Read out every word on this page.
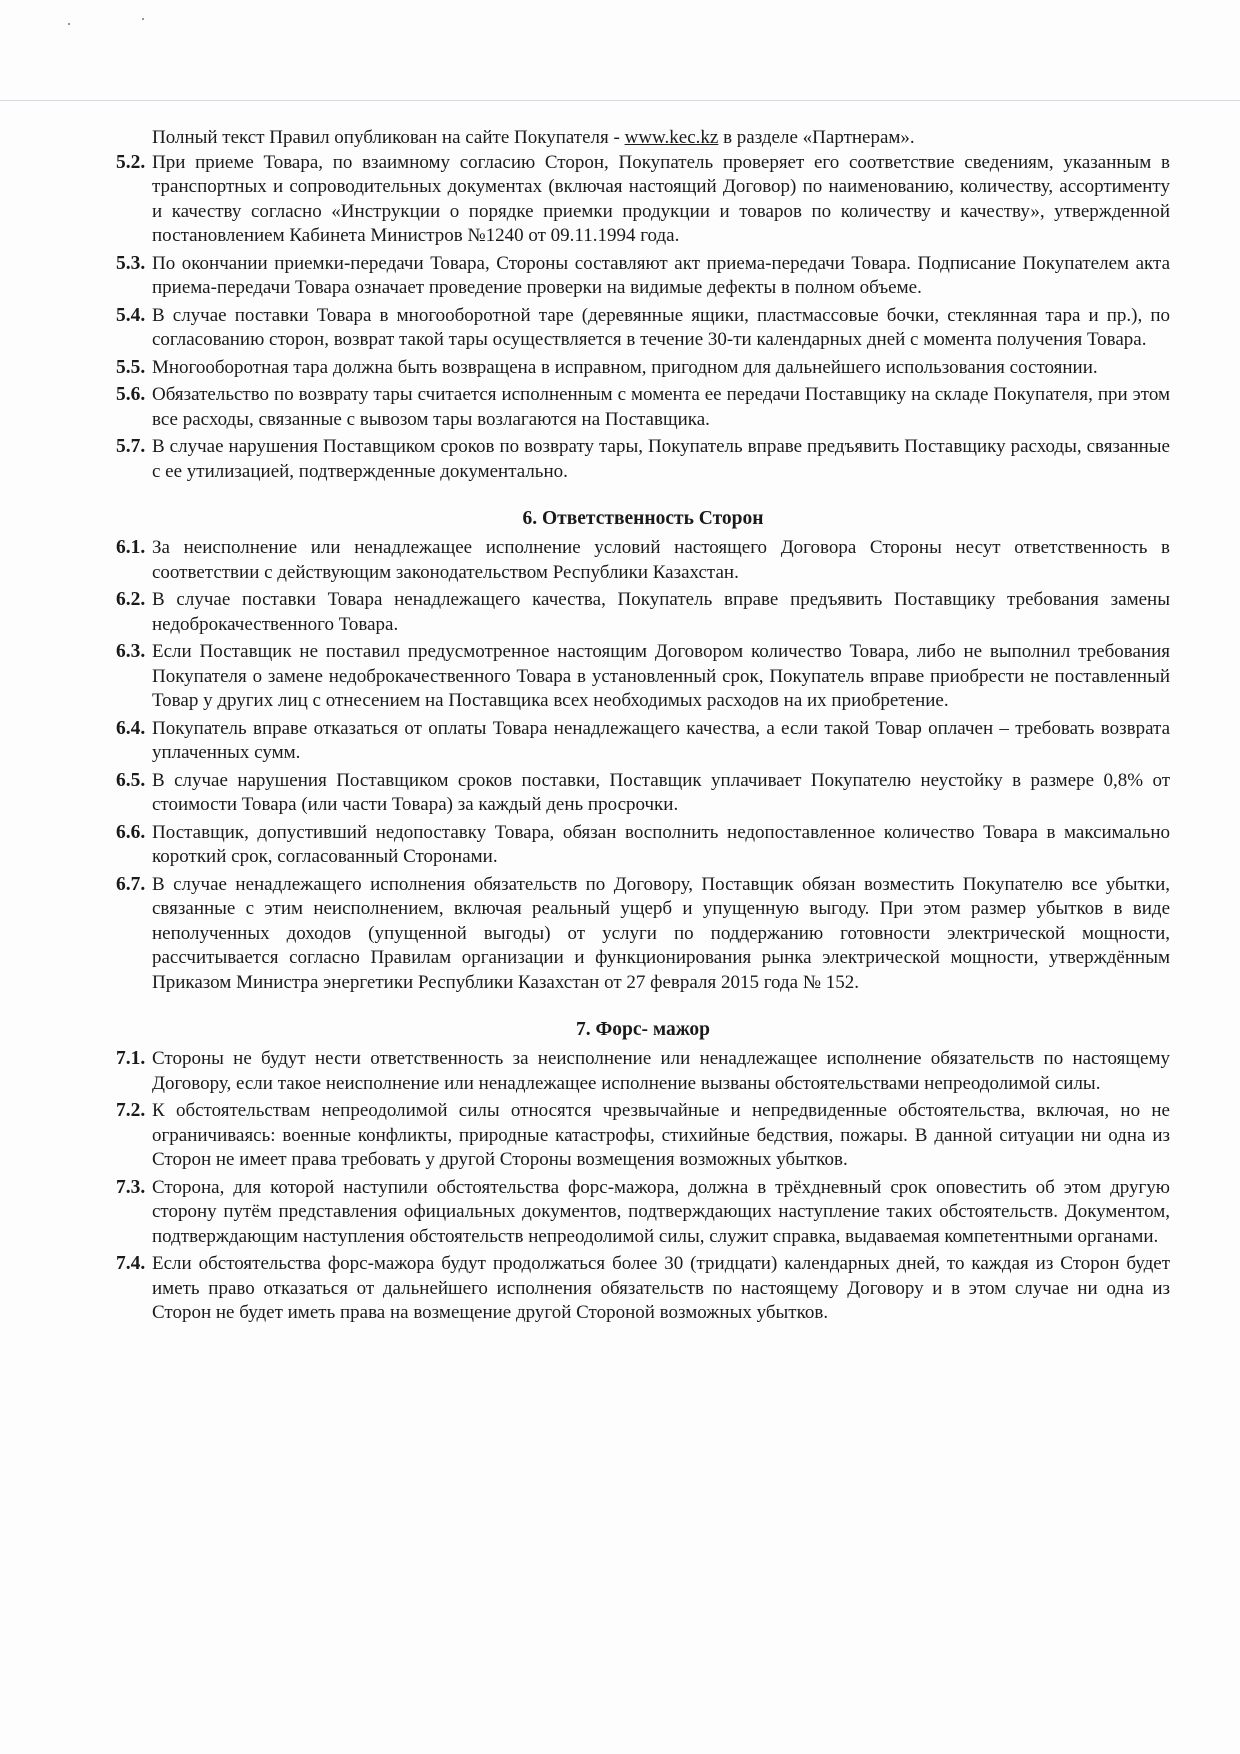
Полный текст Правил опубликован на сайте Покупателя - www.kec.kz в разделе «Партнерам».

5.2. При приеме Товара, по взаимному согласию Сторон, Покупатель проверяет его соответствие сведениям, указанным в транспортных и сопроводительных документах (включая настоящий Договор) по наименованию, количеству, ассортименту и качеству согласно «Инструкции о порядке приемки продукции и товаров по количеству и качеству», утвержденной постановлением Кабинета Министров №1240 от 09.11.1994 года.
5.3. По окончании приемки-передачи Товара, Стороны составляют акт приема-передачи Товара. Подписание Покупателем акта приема-передачи Товара означает проведение проверки на видимые дефекты в полном объеме.
5.4. В случае поставки Товара в многооборотной таре (деревянные ящики, пластмассовые бочки, стеклянная тара и пр.), по согласованию сторон, возврат такой тары осуществляется в течение 30-ти календарных дней с момента получения Товара.
5.5. Многооборотная тара должна быть возвращена в исправном, пригодном для дальнейшего использования состоянии.
5.6. Обязательство по возврату тары считается исполненным с момента ее передачи Поставщику на складе Покупателя, при этом все расходы, связанные с вывозом тары возлагаются на Поставщика.
5.7. В случае нарушения Поставщиком сроков по возврату тары, Покупатель вправе предъявить Поставщику расходы, связанные с ее утилизацией, подтвержденные документально.
6. Ответственность Сторон
6.1. За неисполнение или ненадлежащее исполнение условий настоящего Договора Стороны несут ответственность в соответствии с действующим законодательством Республики Казахстан.
6.2. В случае поставки Товара ненадлежащего качества, Покупатель вправе предъявить Поставщику требования замены недоброкачественного Товара.
6.3. Если Поставщик не поставил предусмотренное настоящим Договором количество Товара, либо не выполнил требования Покупателя о замене недоброкачественного Товара в установленный срок, Покупатель вправе приобрести не поставленный Товар у других лиц с отнесением на Поставщика всех необходимых расходов на их приобретение.
6.4. Покупатель вправе отказаться от оплаты Товара ненадлежащего качества, а если такой Товар оплачен – требовать возврата уплаченных сумм.
6.5. В случае нарушения Поставщиком сроков поставки, Поставщик уплачивает Покупателю неустойку в размере 0,8% от стоимости Товара (или части Товара) за каждый день просрочки.
6.6. Поставщик, допустивший недопоставку Товара, обязан восполнить недопоставленное количество Товара в максимально короткий срок, согласованный Сторонами.
6.7. В случае ненадлежащего исполнения обязательств по Договору, Поставщик обязан возместить Покупателю все убытки, связанные с этим неисполнением, включая реальный ущерб и упущенную выгоду. При этом размер убытков в виде неполученных доходов (упущенной выгоды) от услуги по поддержанию готовности электрической мощности, рассчитывается согласно Правилам организации и функционирования рынка электрической мощности, утверждённым Приказом Министра энергетики Республики Казахстан от 27 февраля 2015 года № 152.
7. Форс- мажор
7.1. Стороны не будут нести ответственность за неисполнение или ненадлежащее исполнение обязательств по настоящему Договору, если такое неисполнение или ненадлежащее исполнение вызваны обстоятельствами непреодолимой силы.
7.2. К обстоятельствам непреодолимой силы относятся чрезвычайные и непредвиденные обстоятельства, включая, но не ограничиваясь: военные конфликты, природные катастрофы, стихийные бедствия, пожары. В данной ситуации ни одна из Сторон не имеет права требовать у другой Стороны возмещения возможных убытков.
7.3. Сторона, для которой наступили обстоятельства форс-мажора, должна в трёхдневный срок оповестить об этом другую сторону путём представления официальных документов, подтверждающих наступление таких обстоятельств. Документом, подтверждающим наступления обстоятельств непреодолимой силы, служит справка, выдаваемая компетентными органами.
7.4. Если обстоятельства форс-мажора будут продолжаться более 30 (тридцати) календарных дней, то каждая из Сторон будет иметь право отказаться от дальнейшего исполнения обязательств по настоящему Договору и в этом случае ни одна из Сторон не будет иметь права на возмещение другой Стороной возможных убытков.
